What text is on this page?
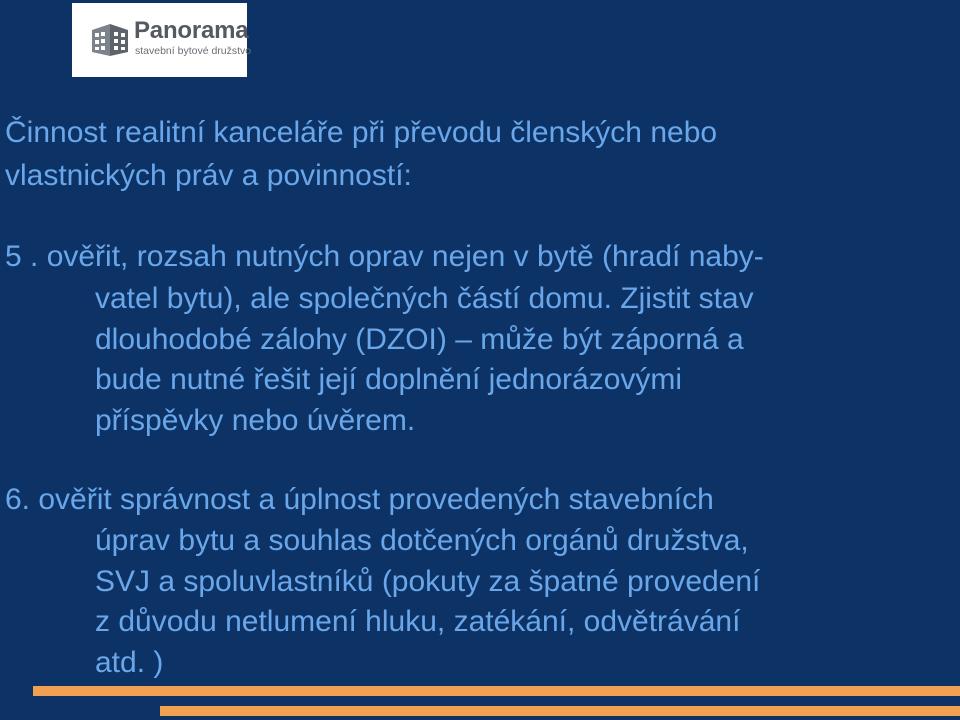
Panorama
stavební bytové družstvo
Činnost realitní kanceláře při převodu členských nebo
vlastnických práv a povinností:
5 . ověřit, rozsah nutných oprav nejen v bytě (hradí naby-
vatel bytu), ale společných částí domu. Zjistit stav
dlouhodobé zálohy (DZOI) – může být záporná a
bude nutné řešit její doplnění jednorázovými
příspěvky nebo úvěrem.
6. ověřit správnost a úplnost provedených stavebních
úprav bytu a souhlas dotčených orgánů družstva,
SVJ a spoluvlastníků (pokuty za špatné provedení
z důvodu netlumení hluku, zatékání, odvětrávání
atd. )
